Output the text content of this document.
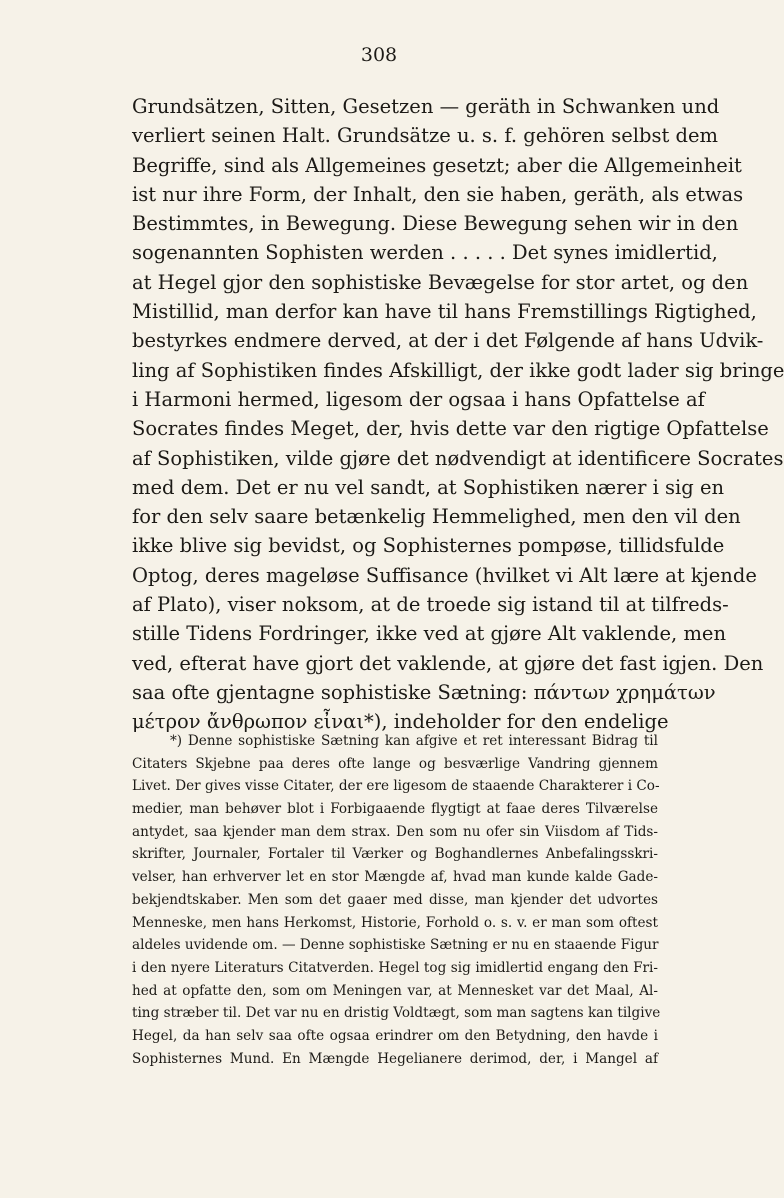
308
Grundsätzen, Sitten, Gesetzen — geräth in Schwanken und
verliert seinen Halt. Grundsätze u. s. f. gehören selbst dem
Begriffe, sind als Allgemeines gesetzt; aber die Allgemeinheit
ist nur ihre Form, der Inhalt, den sie haben, geräth, als etwas
Bestimmtes, in Bewegung. Diese Bewegung sehen wir in den
sogenannten Sophisten werden . . . . . Det synes imidlertid,
at Hegel gjor den sophistiske Bevægelse for stor artet, og den
Mistillid, man derfor kan have til hans Fremstillings Rigtighed,
bestyrkes endmere derved, at der i det Følgende af hans Udvik-
ling af Sophistiken findes Afskilligt, der ikke godt lader sig bringe
i Harmoni hermed, ligesom der ogsaa i hans Opfattelse af
Socrates findes Meget, der, hvis dette var den rigtige Opfattelse
af Sophistiken, vilde gjøre det nødvendigt at identificere Socrates
med dem. Det er nu vel sandt, at Sophistiken nærer i sig en
for den selv saare betænkelig Hemmelighed, men den vil den
ikke blive sig bevidst, og Sophisternes pompøse, tillidsfulde
Optog, deres mageløse Suffisance (hvilket vi Alt lære at kjende
af Plato), viser noksom, at de troede sig istand til at tilfreds-
stille Tidens Fordringer, ikke ved at gjøre Alt vaklende, men
ved, efterat have gjort det vaklende, at gjøre det fast igjen. Den
saa ofte gjentagne sophistiske Sætning: πάντων χρημάτων
μέτρον ἄνθρωπον εἶναι*), indeholder for den endelige
*) Denne sophistiske Sætning kan afgive et ret interessant Bidrag til
Citaters Skjebne paa deres ofte lange og besværlige Vandring gjennem
Livet. Der gives visse Citater, der ere ligesom de staaende Charakterer i Co-
medier, man behøver blot i Forbigaaende flygtigt at faae deres Tilværelse
antydet, saa kjender man dem strax. Den som nu ofer sin Viisdom af Tids-
skrifter, Journaler, Fortaler til Værker og Boghandlernes Anbefalingsskri-
velser, han erhverver let en stor Mængde af, hvad man kunde kalde Gade-
bekjendtskaber. Men som det gaaer med disse, man kjender det udvortes
Menneske, men hans Herkomst, Historie, Forhold o. s. v. er man som oftest
aldeles uvidende om. — Denne sophistiske Sætning er nu en staaende Figur
i den nyere Literaturs Citatverden. Hegel tog sig imidlertid engang den Fri-
hed at opfatte den, som om Meningen var, at Mennesket var det Maal, Al-
ting stræber til. Det var nu en dristig Voldtægt, som man sagtens kan tilgive
Hegel, da han selv saa ofte ogsaa erindrer om den Betydning, den havde i
Sophisternes Mund. En Mængde Hegelianere derimod, der, i Mangel af
